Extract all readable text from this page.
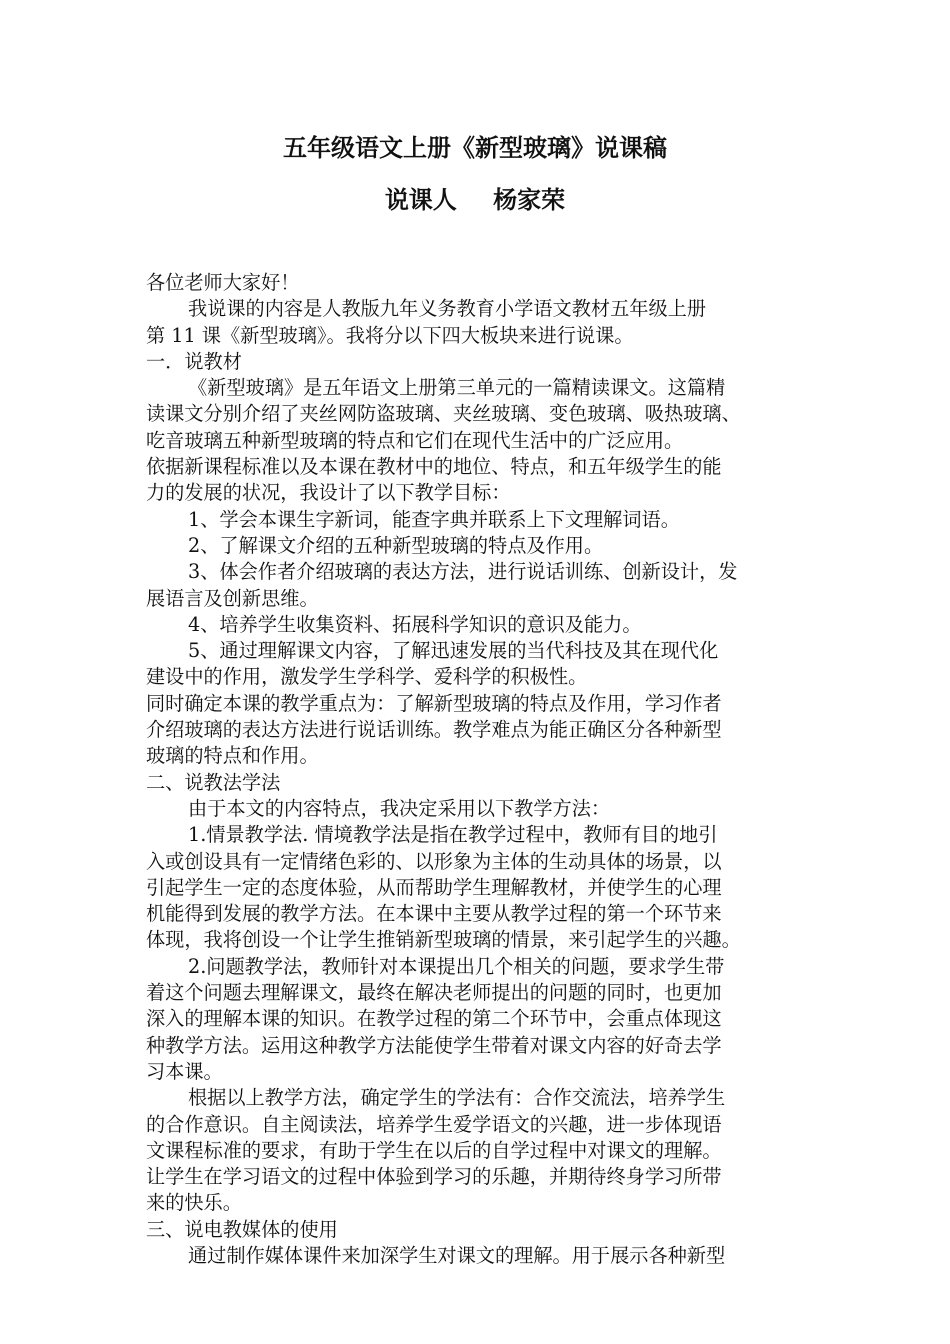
五年级语文上册《新型玻璃》说课稿
说课人 杨家荣

各位老师大家好！

我说课的内容是人教版九年义务教育小学语文教材五年级上册

第 11 课《新型玻璃》。我将分以下四大板块来进行说课。

一．说教材

《新型玻璃》是五年语文上册第三单元的一篇精读课文。这篇精

读课文分别介绍了夹丝网防盗玻璃、夹丝玻璃、变色玻璃、吸热玻璃、

吃音玻璃五种新型玻璃的特点和它们在现代生活中的广泛应用。

依据新课程标准以及本课在教材中的地位、特点，和五年级学生的能

力的发展的状况，我设计了以下教学目标：

1、学会本课生字新词，能查字典并联系上下文理解词语。

2、了解课文介绍的五种新型玻璃的特点及作用。

3、体会作者介绍玻璃的表达方法，进行说话训练、创新设计，发

展语言及创新思维。

4、培养学生收集资料、拓展科学知识的意识及能力。

5、通过理解课文内容，了解迅速发展的当代科技及其在现代化

建设中的作用，激发学生学科学、爱科学的积极性。

同时确定本课的教学重点为：了解新型玻璃的特点及作用，学习作者

介绍玻璃的表达方法进行说话训练。教学难点为能正确区分各种新型

玻璃的特点和作用。

二、说教法学法

由于本文的内容特点，我决定采用以下教学方法：

1.情景教学法. 情境教学法是指在教学过程中，教师有目的地引

入或创设具有一定情绪色彩的、以形象为主体的生动具体的场景，以

引起学生一定的态度体验，从而帮助学生理解教材，并使学生的心理

机能得到发展的教学方法。在本课中主要从教学过程的第一个环节来

体现，我将创设一个让学生推销新型玻璃的情景，来引起学生的兴趣。

2.问题教学法，教师针对本课提出几个相关的问题，要求学生带

着这个问题去理解课文，最终在解决老师提出的问题的同时，也更加

深入的理解本课的知识。在教学过程的第二个环节中，会重点体现这

种教学方法。运用这种教学方法能使学生带着对课文内容的好奇去学

习本课。

根据以上教学方法，确定学生的学法有：合作交流法，培养学生

的合作意识。自主阅读法，培养学生爱学语文的兴趣，进一步体现语

文课程标准的要求，有助于学生在以后的自学过程中对课文的理解。

让学生在学习语文的过程中体验到学习的乐趣，并期待终身学习所带

来的快乐。

三、说电教媒体的使用

通过制作媒体课件来加深学生对课文的理解。用于展示各种新型
